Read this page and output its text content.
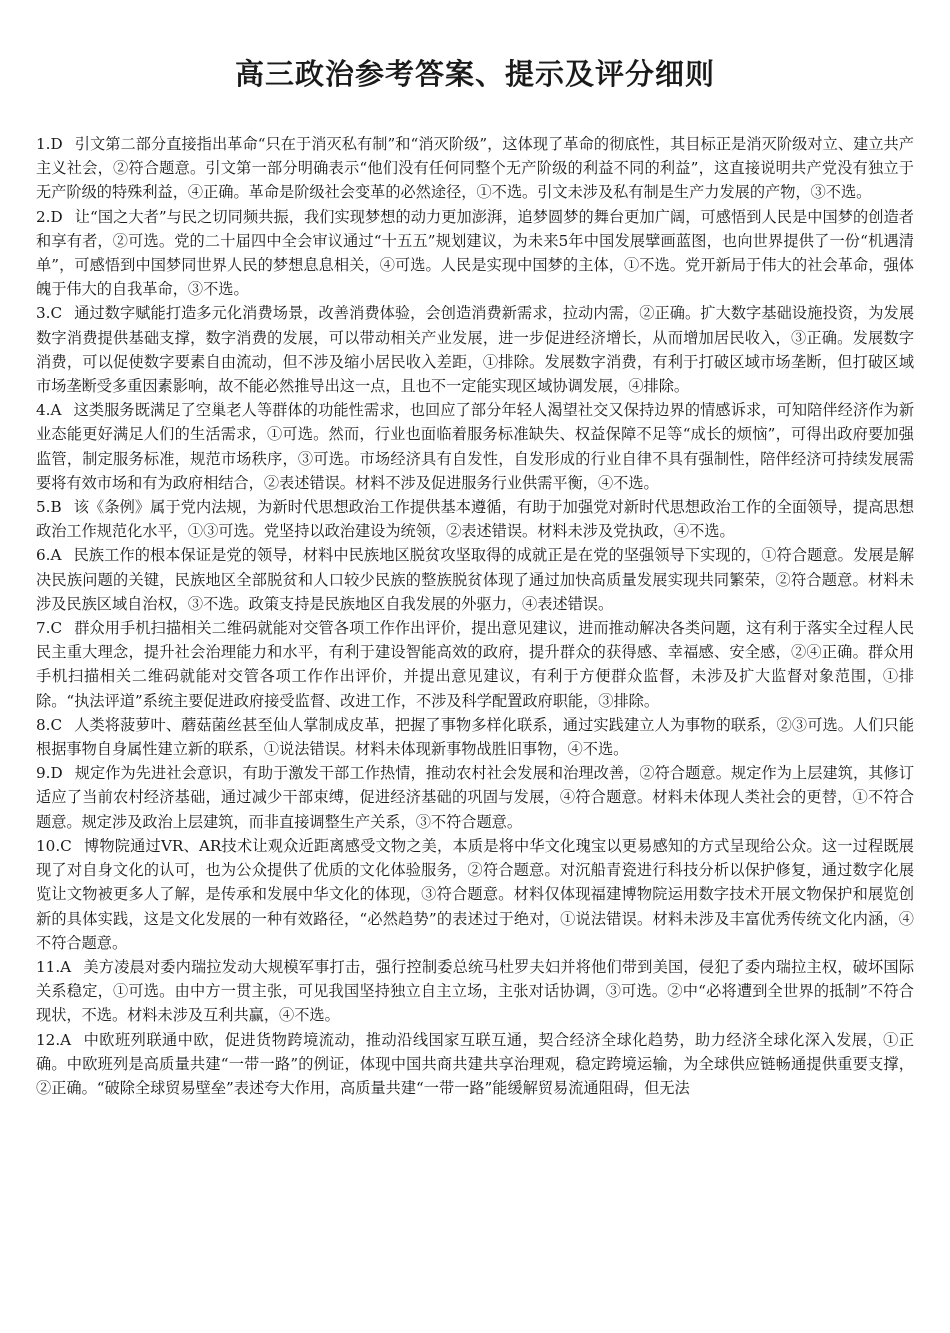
高三政治参考答案、提示及评分细则
1.D 引文第二部分直接指出革命“只在于消灭私有制”和“消灭阶级”，这体现了革命的彻底性，其目标正是消灭阶级对立、建立共产主义社会，②符合题意。引文第一部分明确表示“他们没有任何同整个无产阶级的利益不同的利益”，这直接说明共产党没有独立于无产阶级的特殊利益，④正确。革命是阶级社会变革的必然途径，①不选。引文未涉及私有制是生产力发展的产物，③不选。
2.D 让“国之大者”与民之切同频共振，我们实现梦想的动力更加澎湃，追梦圆梦的舞台更加广阔，可感悟到人民是中国梦的创造者和享有者，②可选。党的二十届四中全会审议通过“十五五”规划建议，为未来5年中国发展擘画蓝图，也向世界提供了一份“机遇清单”，可感悟到中国梦同世界人民的梦想息息相关，④可选。人民是实现中国梦的主体，①不选。党开新局于伟大的社会革命，强体魄于伟大的自我革命，③不选。
3.C 通过数字赋能打造多元化消费场景，改善消费体验，会创造消费新需求，拉动内需，②正确。扩大数字基础设施投资，为发展数字消费提供基础支撑，数字消费的发展，可以带动相关产业发展，进一步促进经济增长，从而增加居民收入，③正确。发展数字消费，可以促使数字要素自由流动，但不涉及缩小居民收入差距，①排除。发展数字消费，有利于打破区域市场垄断，但打破区域市场垄断受多重因素影响，故不能必然推导出这一点，且也不一定能实现区域协调发展，④排除。
4.A 这类服务既满足了空巢老人等群体的功能性需求，也回应了部分年轻人渴望社交又保持边界的情感诉求，可知陪伴经济作为新业态能更好满足人们的生活需求，①可选。然而，行业也面临着服务标准缺失、权益保障不足等“成长的烦恼”，可得出政府要加强监管，制定服务标准，规范市场秩序，③可选。市场经济具有自发性，自发形成的行业自律不具有强制性，陪伴经济可持续发展需要将有效市场和有为政府相结合，②表述错误。材料不涉及促进服务行业供需平衡，④不选。
5.B 该《条例》属于党内法规，为新时代思想政治工作提供基本遵循，有助于加强党对新时代思想政治工作的全面领导，提高思想政治工作规范化水平，①③可选。党坚持以政治建设为统领，②表述错误。材料未涉及党执政，④不选。
6.A 民族工作的根本保证是党的领导，材料中民族地区脱贫攻坚取得的成就正是在党的坚强领导下实现的，①符合题意。发展是解决民族问题的关键，民族地区全部脱贫和人口较少民族的整族脱贫体现了通过加快高质量发展实现共同繁荣，②符合题意。材料未涉及民族区域自治权，③不选。政策支持是民族地区自我发展的外驱力，④表述错误。
7.C 群众用手机扫描相关二维码就能对交管各项工作作出评价，提出意见建议，进而推动解决各类问题，这有利于落实全过程人民民主重大理念，提升社会治理能力和水平，有利于建设智能高效的政府，提升群众的获得感、幸福感、安全感，②④正确。群众用手机扫描相关二维码就能对交管各项工作作出评价，并提出意见建议，有利于方便群众监督，未涉及扩大监督对象范围，①排除。“执法评道”系统主要促进政府接受监督、改进工作，不涉及科学配置政府职能，③排除。
8.C 人类将菠萝叶、蘑菇菌丝甚至仙人掌制成皮革，把握了事物多样化联系，通过实践建立人为事物的联系，②③可选。人们只能根据事物自身属性建立新的联系，①说法错误。材料未体现新事物战胜旧事物，④不选。
9.D 规定作为先进社会意识，有助于激发干部工作热情，推动农村社会发展和治理改善，②符合题意。规定作为上层建筑，其修订适应了当前农村经济基础，通过减少干部束缚，促进经济基础的巩固与发展，④符合题意。材料未体现人类社会的更替，①不符合题意。规定涉及政治上层建筑，而非直接调整生产关系，③不符合题意。
10.C 博物院通过VR、AR技术让观众近距离感受文物之美，本质是将中华文化瑰宝以更易感知的方式呈现给公众。这一过程既展现了对自身文化的认可，也为公众提供了优质的文化体验服务，②符合题意。对沉船青瓷进行科技分析以保护修复，通过数字化展览让文物被更多人了解，是传承和发展中华文化的体现，③符合题意。材料仅体现福建博物院运用数字技术开展文物保护和展览创新的具体实践，这是文化发展的一种有效路径，“必然趋势”的表述过于绝对，①说法错误。材料未涉及丰富优秀传统文化内涵，④不符合题意。
11.A 美方凌晨对委内瑞拉发动大规模军事打击，强行控制委总统马杜罗夫妇并将他们带到美国，侵犯了委内瑞拉主权，破坏国际关系稳定，①可选。由中方一贯主张，可见我国坚持独立自主立场，主张对话协调，③可选。②中“必将遭到全世界的抵制”不符合现状，不选。材料未涉及互利共赢，④不选。
12.A 中欧班列联通中欧，促进货物跨境流动，推动沿线国家互联互通，契合经济全球化趋势，助力经济全球化深入发展，①正确。中欧班列是高质量共建“一带一路”的例证，体现中国共商共建共享治理观，稳定跨境运输，为全球供应链畅通提供重要支撑，②正确。“破除全球贸易壁垒”表述夸大作用，高质量共建“一带一路”能缓解贸易流通阻碍，但无法
